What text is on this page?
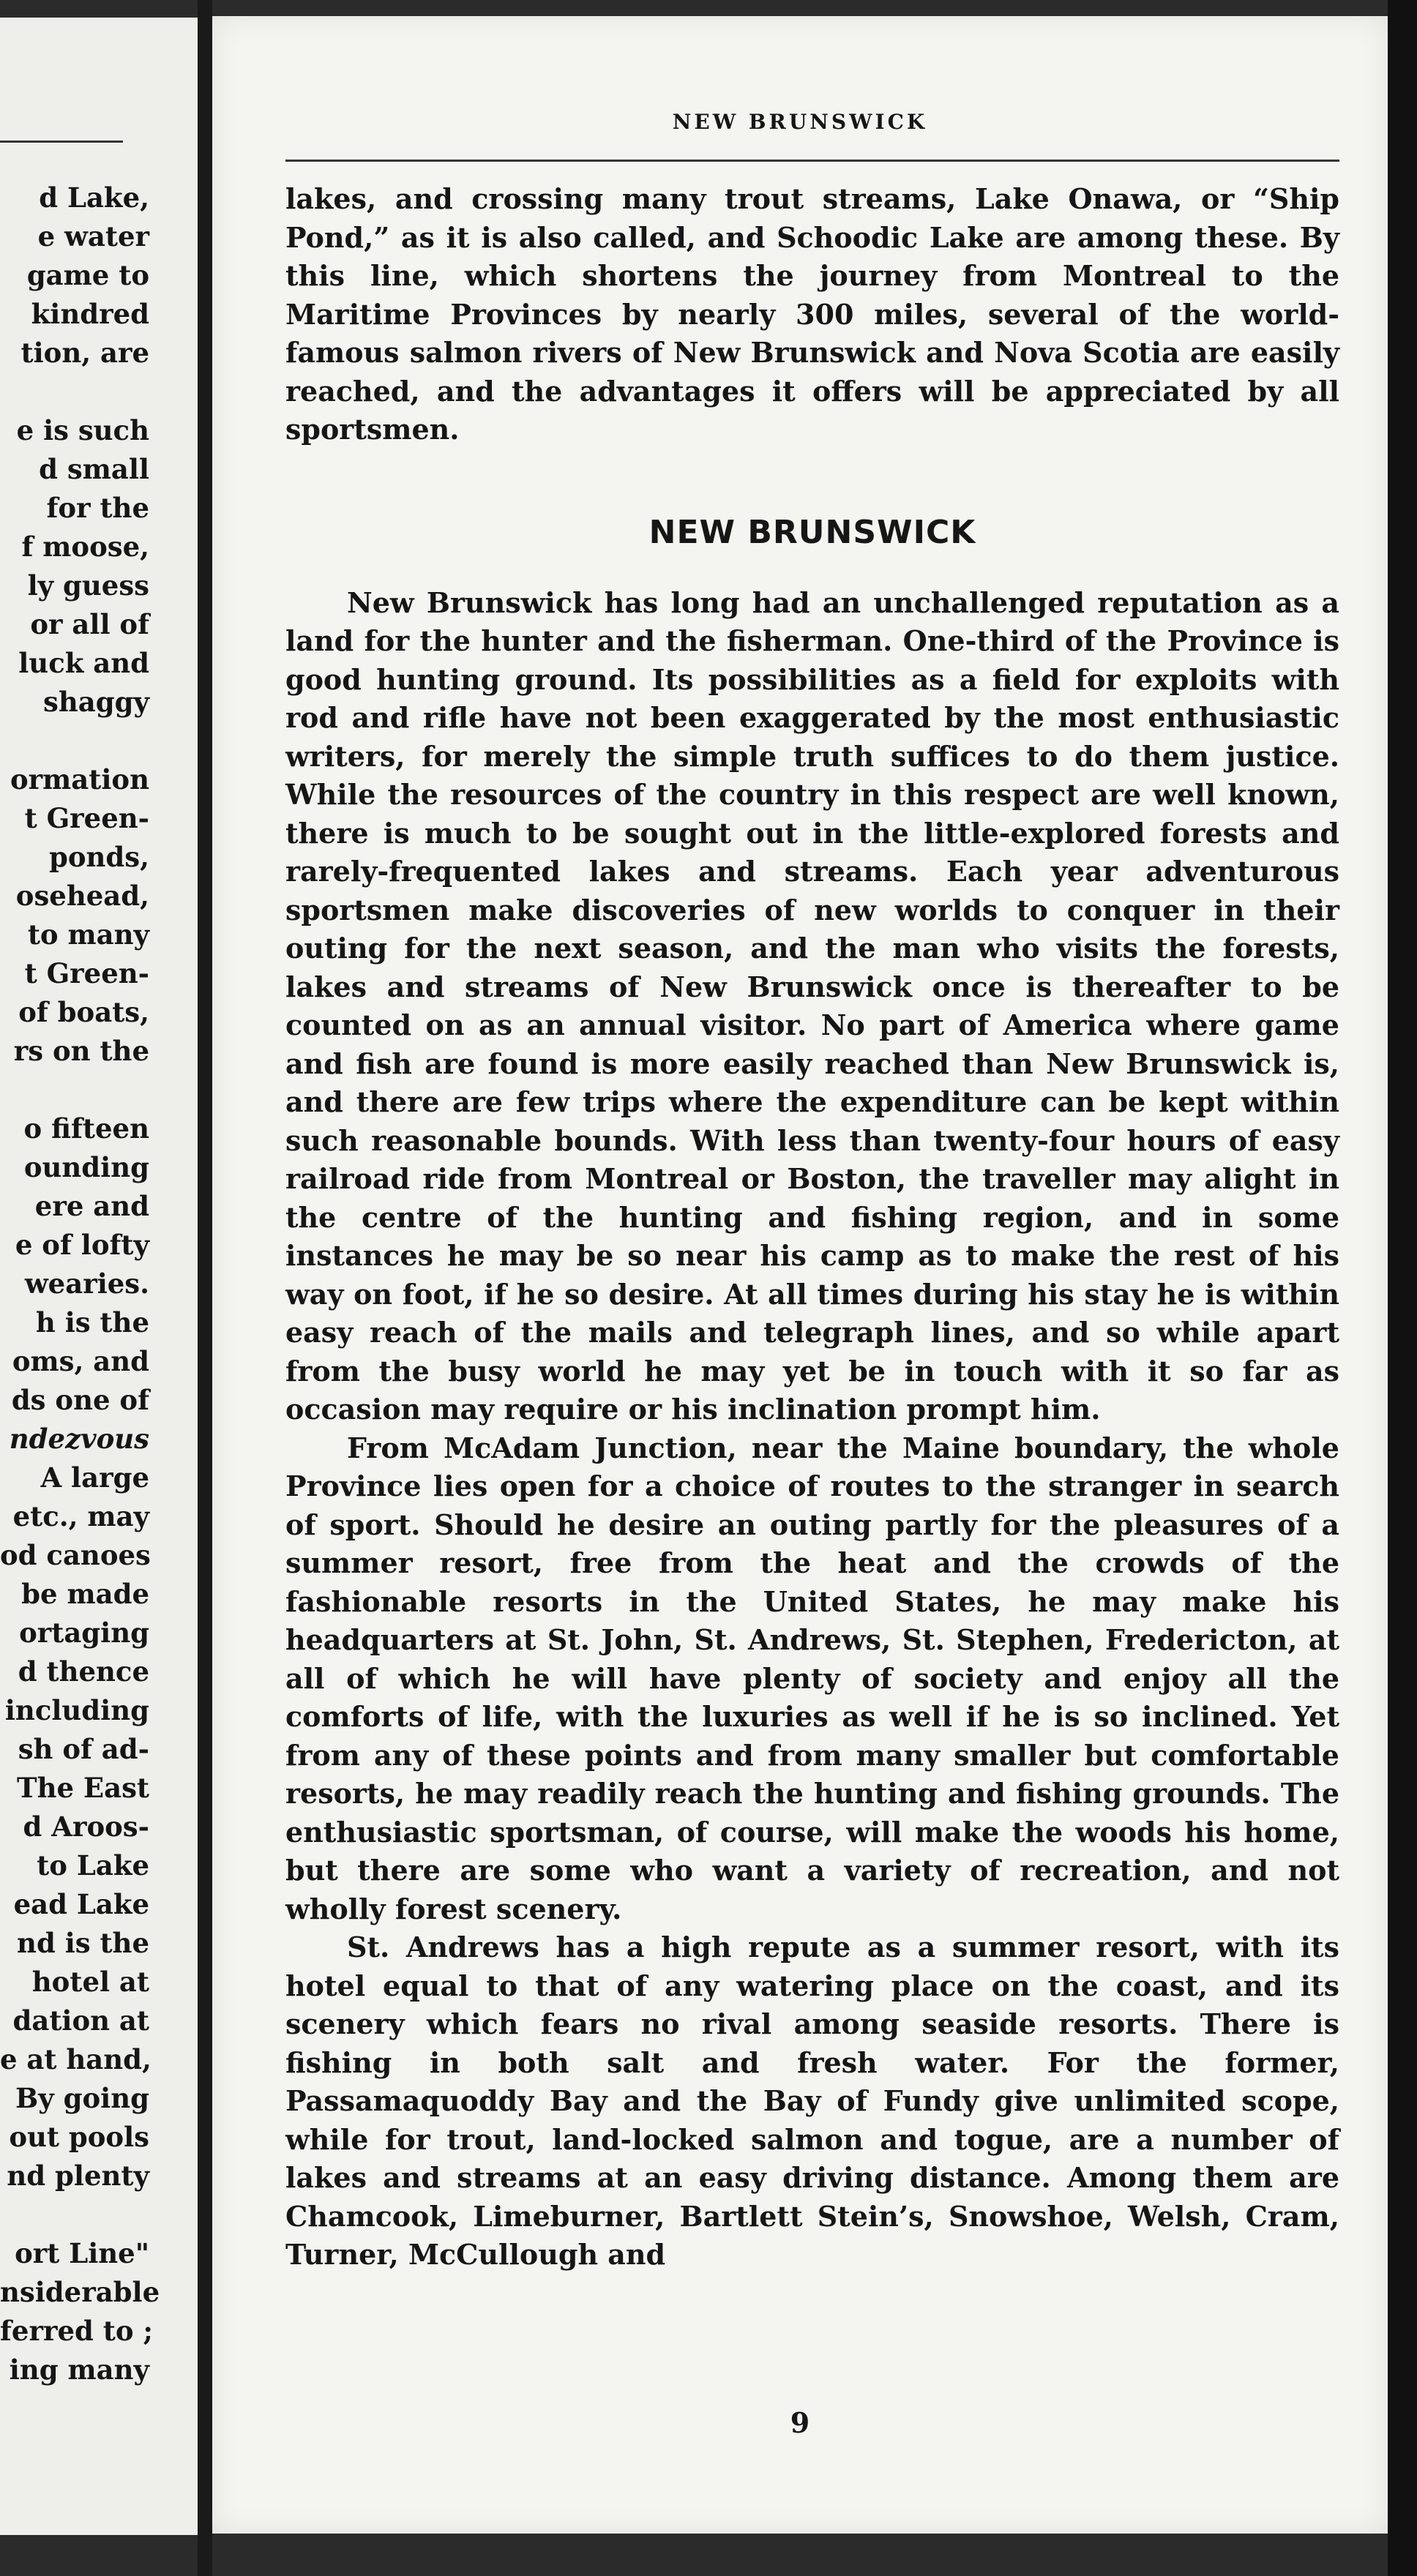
d Lake,
e water
game to
kindred
tion, are
e is such
d small
for the
f moose,
ly guess
or all of
luck and
shaggy
ormation
t Green-
ponds,
osehead,
to many
t Green-
of boats,
rs on the
o fifteen
ounding
ere and
e of lofty
wearies.
h is the
oms, and
ds one of
ndezvous
A large
etc., may
od canoes
be made
ortaging
d thence
including
sh of ad-
The East
d Aroos-
to Lake
ead Lake
nd is the
hotel at
dation at
e at hand,
By going
out pools
nd plenty
ort Line"
nsiderable
ferred to ;
ing many
NEW BRUNSWICK

lakes, and crossing many trout streams, Lake Onawa, or “Ship Pond,” as it is also called, and Schoodic Lake are among these. By this line, which shortens the journey from Montreal to the Maritime Provinces by nearly 300 miles, several of the world-famous salmon rivers of New Brunswick and Nova Scotia are easily reached, and the advantages it offers will be appreciated by all sportsmen.

NEW BRUNSWICK

New Brunswick has long had an unchallenged reputation as a land for the hunter and the fisherman. One-third of the Province is good hunting ground. Its possibilities as a field for exploits with rod and rifle have not been exaggerated by the most enthusiastic writers, for merely the simple truth suffices to do them justice. While the resources of the country in this respect are well known, there is much to be sought out in the little-explored forests and rarely-frequented lakes and streams. Each year adventurous sportsmen make discoveries of new worlds to conquer in their outing for the next season, and the man who visits the forests, lakes and streams of New Brunswick once is thereafter to be counted on as an annual visitor. No part of America where game and fish are found is more easily reached than New Brunswick is, and there are few trips where the expenditure can be kept within such reasonable bounds. With less than twenty-four hours of easy railroad ride from Montreal or Boston, the traveller may alight in the centre of the hunting and fishing region, and in some instances he may be so near his camp as to make the rest of his way on foot, if he so desire. At all times during his stay he is within easy reach of the mails and telegraph lines, and so while apart from the busy world he may yet be in touch with it so far as occasion may require or his inclination prompt him.

From McAdam Junction, near the Maine boundary, the whole Province lies open for a choice of routes to the stranger in search of sport. Should he desire an outing partly for the pleasures of a summer resort, free from the heat and the crowds of the fashionable resorts in the United States, he may make his headquarters at St. John, St. Andrews, St. Stephen, Fredericton, at all of which he will have plenty of society and enjoy all the comforts of life, with the luxuries as well if he is so inclined. Yet from any of these points and from many smaller but comfortable resorts, he may readily reach the hunting and fishing grounds. The enthusiastic sportsman, of course, will make the woods his home, but there are some who want a variety of recreation, and not wholly forest scenery.

St. Andrews has a high repute as a summer resort, with its hotel equal to that of any watering place on the coast, and its scenery which fears no rival among seaside resorts. There is fishing in both salt and fresh water. For the former, Passamaquoddy Bay and the Bay of Fundy give unlimited scope, while for trout, land-locked salmon and togue, are a number of lakes and streams at an easy driving distance. Among them are Chamcook, Limeburner, Bartlett Stein’s, Snowshoe, Welsh, Cram, Turner, McCullough and

9
